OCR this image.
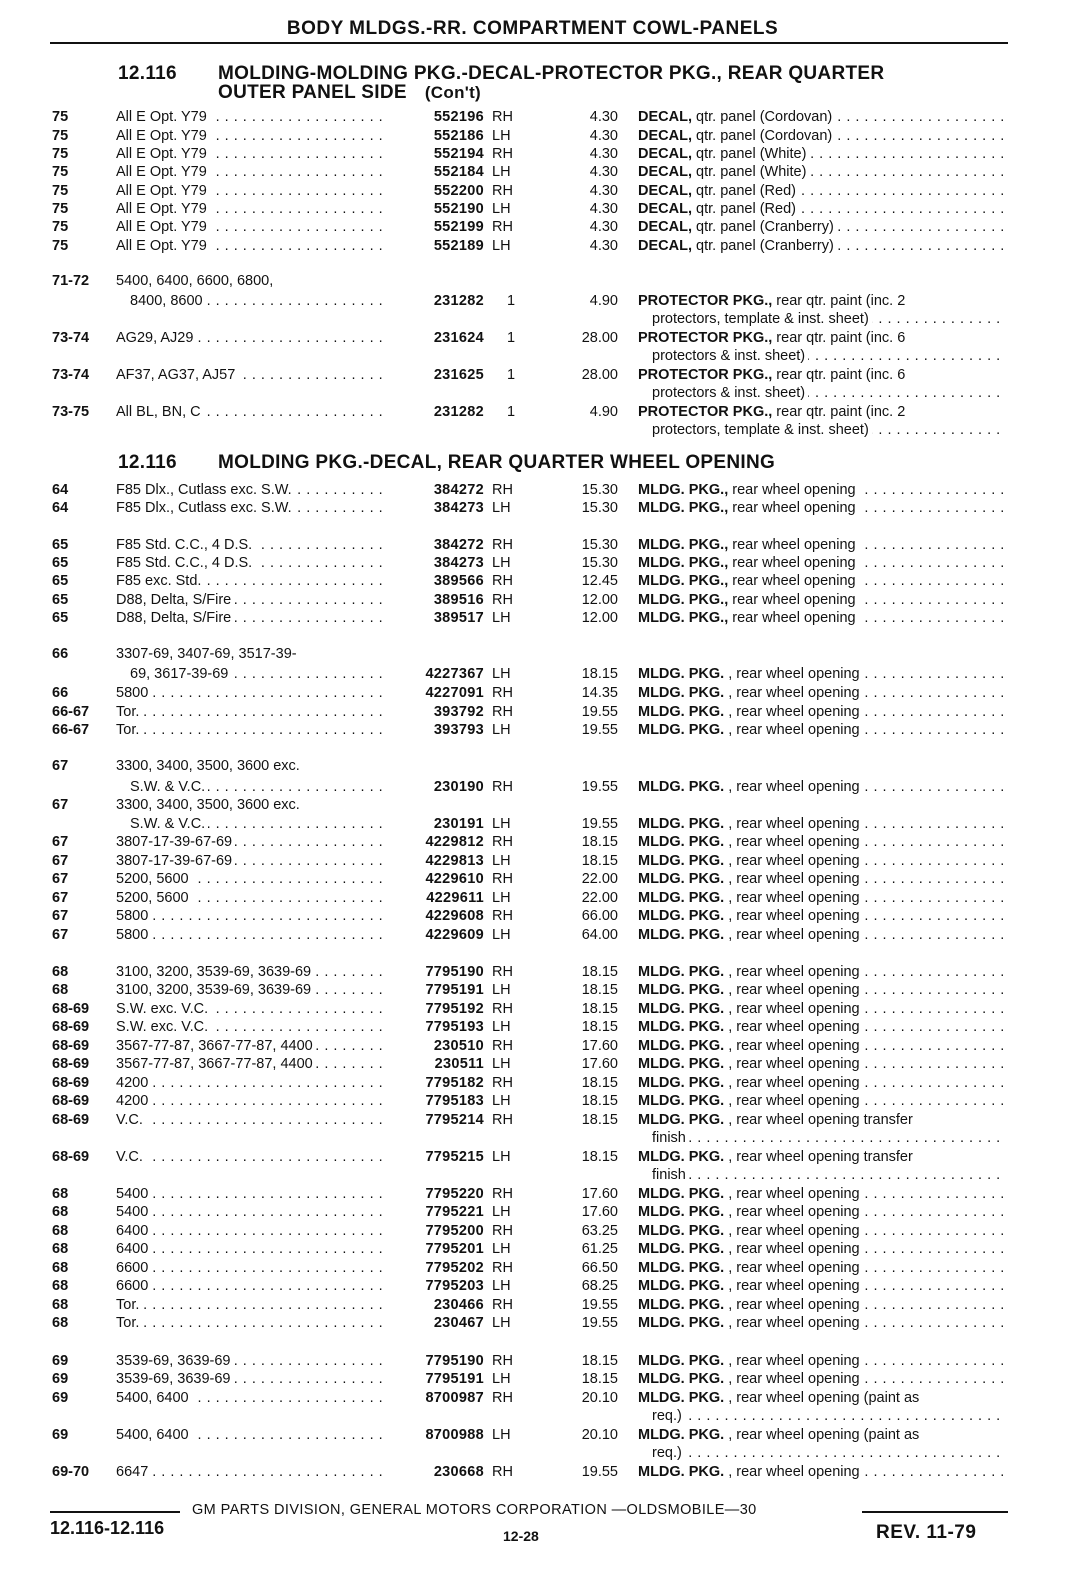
BODY MLDGS.-RR. COMPARTMENT COWL-PANELS
12.116 MOLDING-MOLDING PKG.-DECAL-PROTECTOR PKG., REAR QUARTER
OUTER PANEL SIDE (Con't)
12.116 MOLDING PKG.-DECAL, REAR QUARTER WHEEL OPENING
75	All E Opt. Y79 . . .	552196 RH	4.30 DECAL, qtr. panel (Cordovan) . . .
75	All E Opt. Y79 . . .	552186 LH	4.30 DECAL, qtr. panel (Cordovan) . . .
75	All E Opt. Y79 . . .	552194 RH	4.30 DECAL, qtr. panel (White) . . .
75	All E Opt. Y79 . . .	552184 LH	4.30 DECAL, qtr. panel (White) . . .
75	All E Opt. Y79 . . .	552200 RH	4.30 DECAL, qtr. panel (Red) . . .
75	All E Opt. Y79 . . .	552190 LH	4.30 DECAL, qtr. panel (Red) . . .
75	All E Opt. Y79 . . .	552199 RH	4.30 DECAL, qtr. panel (Cranberry) . . .
75	All E Opt. Y79 . . .	552189 LH	4.30 DECAL, qtr. panel (Cranberry) . . .
71-72 5400, 6400, 6600, 6800,
8400, 8600 . . .	231282	1	4.90 PROTECTOR PKG., rear qtr. paint (inc. 2
protectors, template & inst. sheet) . . .
73-74 AG29, AJ29 . . .	231624	1	28.00 PROTECTOR PKG., rear qtr. paint (inc. 6
protectors & inst. sheet) . . .
73-74 AF37, AG37, AJ57 . . .	231625	1	28.00 PROTECTOR PKG., rear qtr. paint (inc. 6
protectors & inst. sheet) . . .
73-75 All BL, BN, C . . .	231282	1	4.90 PROTECTOR PKG., rear qtr. paint (inc. 2
protectors, template & inst. sheet) . . .
64	F85 Dlx., Cutlass exc. S.W. . . .	384272 RH	15.30 MLDG. PKG., rear wheel opening . . .
64	F85 Dlx., Cutlass exc. S.W. . . .	384273 LH	15.30 MLDG. PKG., rear wheel opening . . .
65	F85 Std. C.C., 4 D.S. . . .	384272 RH	15.30 MLDG. PKG., rear wheel opening . . .
65	F85 Std. C.C., 4 D.S. . . .	384273 LH	15.30 MLDG. PKG., rear wheel opening . . .
65	F85 exc. Std. . . .	389566 RH	12.45 MLDG. PKG., rear wheel opening . . .
65	D88, Delta, S/Fire . . .	389516 RH	12.00 MLDG. PKG., rear wheel opening . . .
65	D88, Delta, S/Fire . . .	389517 LH	12.00 MLDG. PKG., rear wheel opening . . .
66	3307-69, 3407-69, 3517-39-
69, 3617-39-69 . . .	4227367 LH	18.15 MLDG. PKG. , rear wheel opening . . .
66	5800 . . .	4227091 RH	14.35 MLDG. PKG. , rear wheel opening . . .
66-67 Tor. . . .	393792 RH	19.55 MLDG. PKG. , rear wheel opening . . .
66-67 Tor. . . .	393793 LH	19.55 MLDG. PKG. , rear wheel opening . . .
67	3300, 3400, 3500, 3600 exc.
S.W. & V.C. . . .	230190 RH	19.55 MLDG. PKG. , rear wheel opening . . .
67	3300, 3400, 3500, 3600 exc.
S.W. & V.C. . . .	230191 LH	19.55 MLDG. PKG. , rear wheel opening . . .
67	3807-17-39-67-69 . . .	4229812 RH	18.15 MLDG. PKG. , rear wheel opening . . .
67	3807-17-39-67-69 . . .	4229813 LH	18.15 MLDG. PKG. , rear wheel opening . . .
67	5200, 5600 . . .	4229610 RH	22.00 MLDG. PKG. , rear wheel opening . . .
67	5200, 5600 . . .	4229611 LH	22.00 MLDG. PKG. , rear wheel opening . . .
67	5800 . . .	4229608 RH	66.00 MLDG. PKG. , rear wheel opening . . .
67	5800 . . .	4229609 LH	64.00 MLDG. PKG. , rear wheel opening . . .
68	3100, 3200, 3539-69, 3639-69 . . .	7795190 RH	18.15 MLDG. PKG. , rear wheel opening . . .
68	3100, 3200, 3539-69, 3639-69 . . .	7795191 LH	18.15 MLDG. PKG. , rear wheel opening . . .
68-69 S.W. exc. V.C. . . .	7795192 RH	18.15 MLDG. PKG. , rear wheel opening . . .
68-69 S.W. exc. V.C. . . .	7795193 LH	18.15 MLDG. PKG. , rear wheel opening . . .
68-69 3567-77-87, 3667-77-87, 4400 . . .	230510 RH	17.60 MLDG. PKG. , rear wheel opening . . .
68-69 3567-77-87, 3667-77-87, 4400 . . .	230511 LH	17.60 MLDG. PKG. , rear wheel opening . . .
68-69 4200 . . .	7795182 RH	18.15 MLDG. PKG. , rear wheel opening . . .
68-69 4200 . . .	7795183 LH	18.15 MLDG. PKG. , rear wheel opening . . .
68-69 V.C. . . .	7795214 RH	18.15 MLDG. PKG. , rear wheel opening transfer
finish . . .
68-69 V.C. . . .	7795215 LH	18.15 MLDG. PKG. , rear wheel opening transfer
finish . . .
68	5400 . . .	7795220 RH	17.60 MLDG. PKG. , rear wheel opening . . .
68	5400 . . .	7795221 LH	17.60 MLDG. PKG. , rear wheel opening . . .
68	6400 . . .	7795200 RH	63.25 MLDG. PKG. , rear wheel opening . . .
68	6400 . . .	7795201 LH	61.25 MLDG. PKG. , rear wheel opening . . .
68	6600 . . .	7795202 RH	66.50 MLDG. PKG. , rear wheel opening . . .
68	6600 . . .	7795203 LH	68.25 MLDG. PKG. , rear wheel opening . . .
68	Tor. . . .	230466 RH	19.55 MLDG. PKG. , rear wheel opening . . .
68	Tor. . . .	230467 LH	19.55 MLDG. PKG. , rear wheel opening . . .
69	3539-69, 3639-69 . . .	7795190 RH	18.15 MLDG. PKG. , rear wheel opening . . .
69	3539-69, 3639-69 . . .	7795191 LH	18.15 MLDG. PKG. , rear wheel opening . . .
69	5400, 6400 . . .	8700987 RH	20.10 MLDG. PKG. , rear wheel opening (paint as
req.) . . .
69	5400, 6400 . . .	8700988 LH	20.10 MLDG. PKG. , rear wheel opening (paint as
req.) . . .
69-70 6647 . . .	230668 RH	19.55 MLDG. PKG. , rear wheel opening . . .
GM PARTS DIVISION, GENERAL MOTORS CORPORATION —OLDSMOBILE—30
12.116-12.116	12-28	REV. 11-79
